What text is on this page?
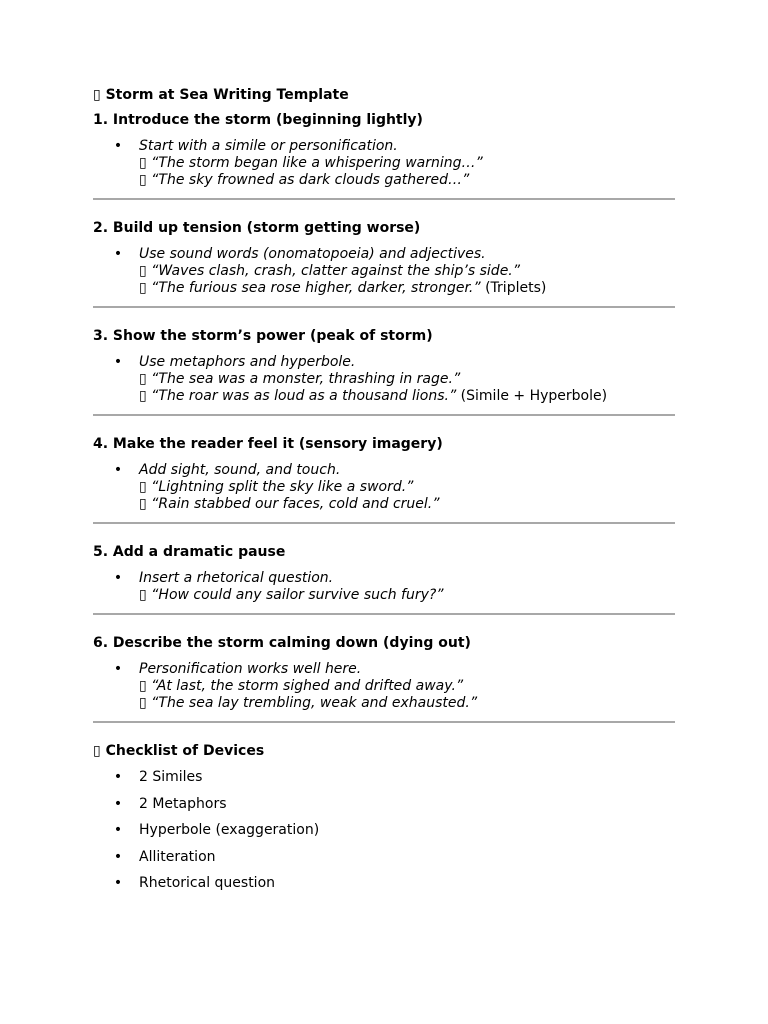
▯ Storm at Sea Writing Template
1. Introduce the storm (beginning lightly)
• Start with a simile or personification.
▯ “The storm began like a whispering warning…”
▯ “The sky frowned as dark clouds gathered…”
2. Build up tension (storm getting worse)
• Use sound words (onomatopoeia) and adjectives.
▯ “Waves clash, crash, clatter against the ship’s side.”
▯ “The furious sea rose higher, darker, stronger.” (Triplets)
3. Show the storm’s power (peak of storm)
• Use metaphors and hyperbole.
▯ “The sea was a monster, thrashing in rage.”
▯ “The roar was as loud as a thousand lions.” (Simile + Hyperbole)
4. Make the reader feel it (sensory imagery)
• Add sight, sound, and touch.
▯ “Lightning split the sky like a sword.”
▯ “Rain stabbed our faces, cold and cruel.”
5. Add a dramatic pause
• Insert a rhetorical question.
▯ “How could any sailor survive such fury?”
6. Describe the storm calming down (dying out)
• Personification works well here.
▯ “At last, the storm sighed and drifted away.”
▯ “The sea lay trembling, weak and exhausted.”
▯ Checklist of Devices
• 2 Similes
• 2 Metaphors
• Hyperbole (exaggeration)
• Alliteration
• Rhetorical question
